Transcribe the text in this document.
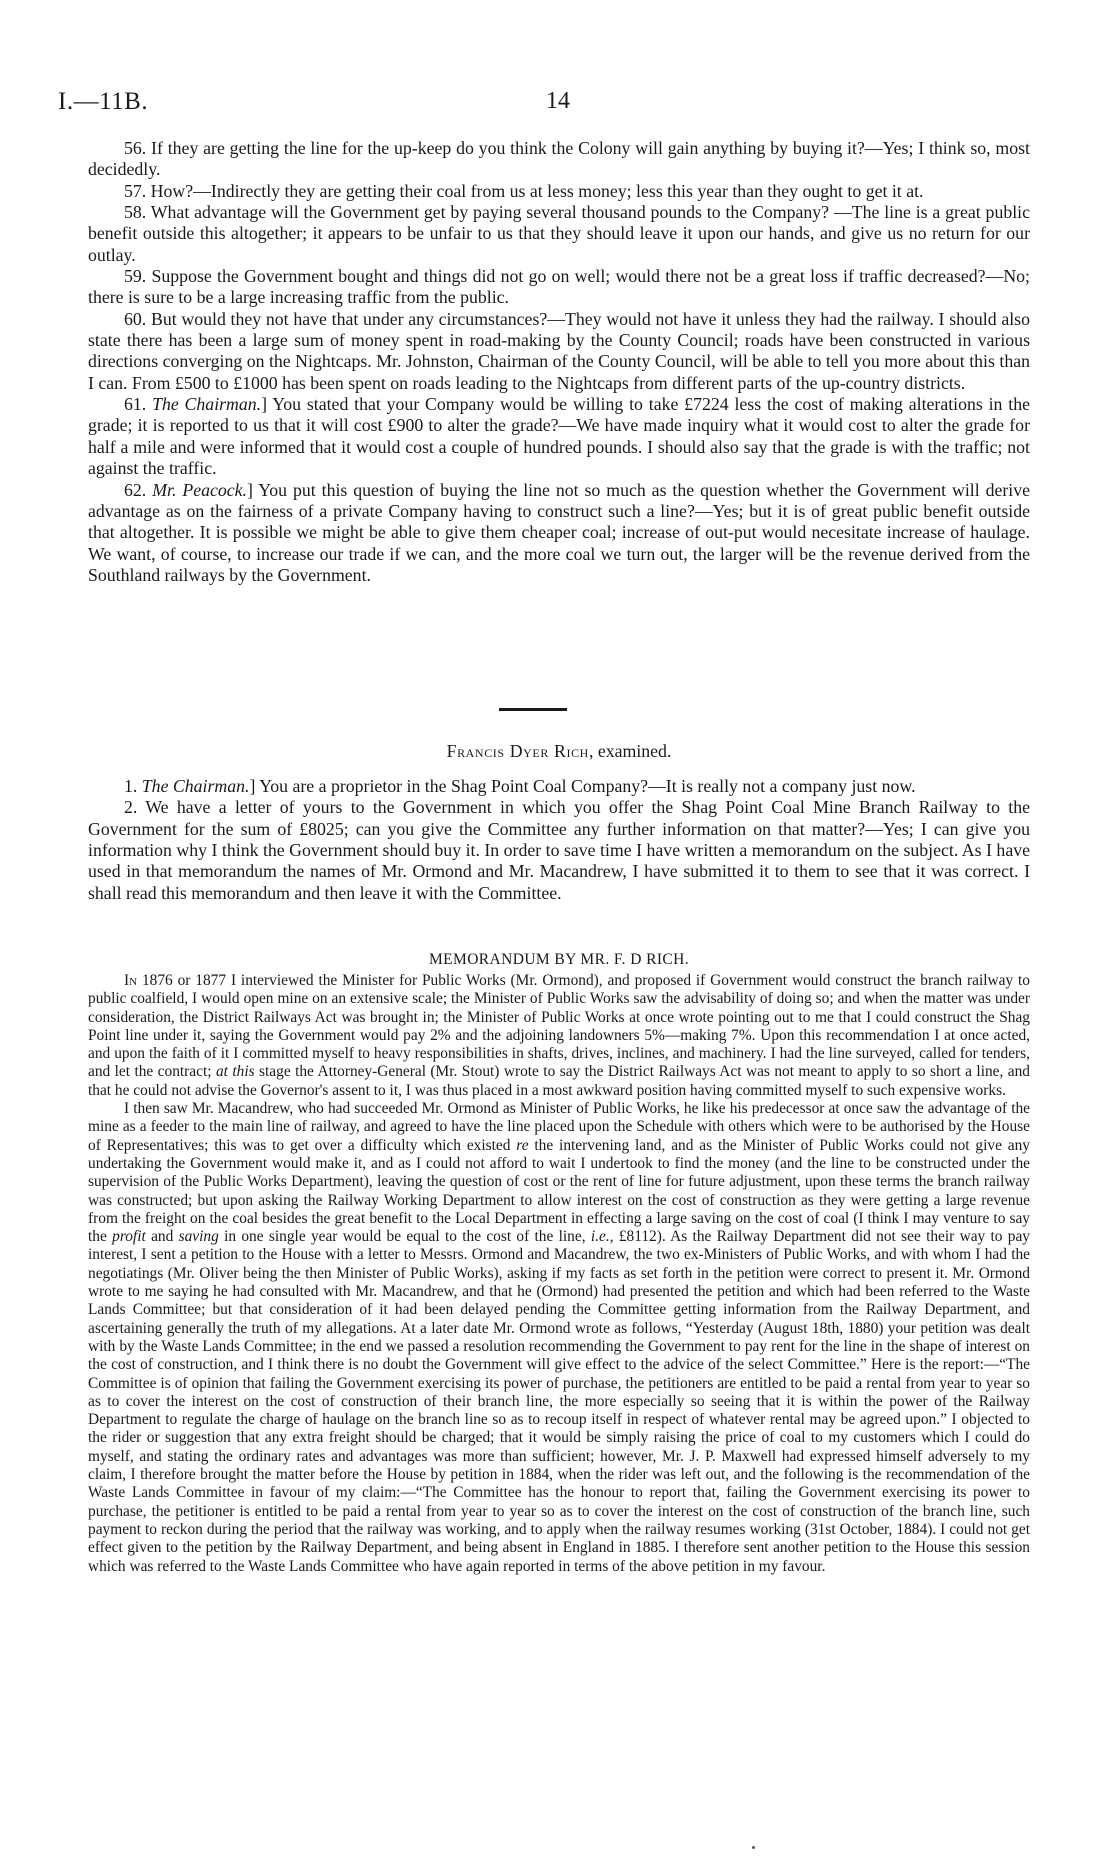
I.—11B.	14

56. If they are getting the line for the up-keep do you think the Colony will gain anything by buying it?—Yes; I think so, most decidedly.

57. How?—Indirectly they are getting their coal from us at less money; less this year than they ought to get it at.

58. What advantage will the Government get by paying several thousand pounds to the Company? —The line is a great public benefit outside this altogether; it appears to be unfair to us that they should leave it upon our hands, and give us no return for our outlay.

59. Suppose the Government bought and things did not go on well; would there not be a great loss if traffic decreased?—No; there is sure to be a large increasing traffic from the public.

60. But would they not have that under any circumstances?—They would not have it unless they had the railway. I should also state there has been a large sum of money spent in road-making by the County Council; roads have been constructed in various directions converging on the Nightcaps. Mr. Johnston, Chairman of the County Council, will be able to tell you more about this than I can. From £500 to £1000 has been spent on roads leading to the Nightcaps from different parts of the up-country districts.

61. The Chairman.] You stated that your Company would be willing to take £7224 less the cost of making alterations in the grade; it is reported to us that it will cost £900 to alter the grade?—We have made inquiry what it would cost to alter the grade for half a mile and were informed that it would cost a couple of hundred pounds. I should also say that the grade is with the traffic; not against the traffic.

62. Mr. Peacock.] You put this question of buying the line not so much as the question whether the Government will derive advantage as on the fairness of a private Company having to construct such a line?—Yes; but it is of great public benefit outside that altogether. It is possible we might be able to give them cheaper coal; increase of out-put would necesitate increase of haulage. We want, of course, to increase our trade if we can, and the more coal we turn out, the larger will be the revenue derived from the Southland railways by the Government.

Francis Dyer Rich, examined.

1. The Chairman.] You are a proprietor in the Shag Point Coal Company?—It is really not a company just now.

2. We have a letter of yours to the Government in which you offer the Shag Point Coal Mine Branch Railway to the Government for the sum of £8025; can you give the Committee any further information on that matter?—Yes; I can give you information why I think the Government should buy it. In order to save time I have written a memorandum on the subject. As I have used in that memorandum the names of Mr. Ormond and Mr. Macandrew, I have submitted it to them to see that it was correct. I shall read this memorandum and then leave it with the Committee.

MEMORANDUM BY MR. F. D RICH.

In 1876 or 1877 I interviewed the Minister for Public Works (Mr. Ormond), and proposed if Government would construct the branch railway to public coalfield, I would open mine on an extensive scale; the Minister of Public Works saw the advisability of doing so; and when the matter was under consideration, the District Railways Act was brought in; the Minister of Public Works at once wrote pointing out to me that I could construct the Shag Point line under it, saying the Government would pay 2% and the adjoining landowners 5%—making 7%. Upon this recommendation I at once acted, and upon the faith of it I committed myself to heavy responsibilities in shafts, drives, inclines, and machinery. I had the line surveyed, called for tenders, and let the contract; at this stage the Attorney-General (Mr. Stout) wrote to say the District Railways Act was not meant to apply to so short a line, and that he could not advise the Governor's assent to it, I was thus placed in a most awkward position having committed myself to such expensive works.

I then saw Mr. Macandrew, who had succeeded Mr. Ormond as Minister of Public Works, he like his predecessor at once saw the advantage of the mine as a feeder to the main line of railway, and agreed to have the line placed upon the Schedule with others which were to be authorised by the House of Representatives; this was to get over a difficulty which existed re the intervening land, and as the Minister of Public Works could not give any undertaking the Government would make it, and as I could not afford to wait I undertook to find the money (and the line to be constructed under the supervision of the Public Works Department), leaving the question of cost or the rent of line for future adjustment, upon these terms the branch railway was constructed; but upon asking the Railway Working Department to allow interest on the cost of construction as they were getting a large revenue from the freight on the coal besides the great benefit to the Local Department in effecting a large saving on the cost of coal (I think I may venture to say the profit and saving in one single year would be equal to the cost of the line, i.e., £8112). As the Railway Department did not see their way to pay interest, I sent a petition to the House with a letter to Messrs. Ormond and Macandrew, the two ex-Ministers of Public Works, and with whom I had the negotiatings (Mr. Oliver being the then Minister of Public Works), asking if my facts as set forth in the petition were correct to present it. Mr. Ormond wrote to me saying he had consulted with Mr. Macandrew, and that he (Ormond) had presented the petition and which had been referred to the Waste Lands Committee; but that consideration of it had been delayed pending the Committee getting information from the Railway Department, and ascertaining generally the truth of my allegations. At a later date Mr. Ormond wrote as follows, “Yesterday (August 18th, 1880) your petition was dealt with by the Waste Lands Committee; in the end we passed a resolution recommending the Government to pay rent for the line in the shape of interest on the cost of construction, and I think there is no doubt the Government will give effect to the advice of the select Committee.” Here is the report:—“The Committee is of opinion that failing the Government exercising its power of purchase, the petitioners are entitled to be paid a rental from year to year so as to cover the interest on the cost of construction of their branch line, the more especially so seeing that it is within the power of the Railway Department to regulate the charge of haulage on the branch line so as to recoup itself in respect of whatever rental may be agreed upon.” I objected to the rider or suggestion that any extra freight should be charged; that it would be simply raising the price of coal to my customers which I could do myself, and stating the ordinary rates and advantages was more than sufficient; however, Mr. J. P. Maxwell had expressed himself adversely to my claim, I therefore brought the matter before the House by petition in 1884, when the rider was left out, and the following is the recommendation of the Waste Lands Committee in favour of my claim:—“The Committee has the honour to report that, failing the Government exercising its power to purchase, the petitioner is entitled to be paid a rental from year to year so as to cover the interest on the cost of construction of the branch line, such payment to reckon during the period that the railway was working, and to apply when the railway resumes working (31st October, 1884). I could not get effect given to the petition by the Railway Department, and being absent in England in 1885. I therefore sent another petition to the House this session which was referred to the Waste Lands Committee who have again reported in terms of the above petition in my favour.
